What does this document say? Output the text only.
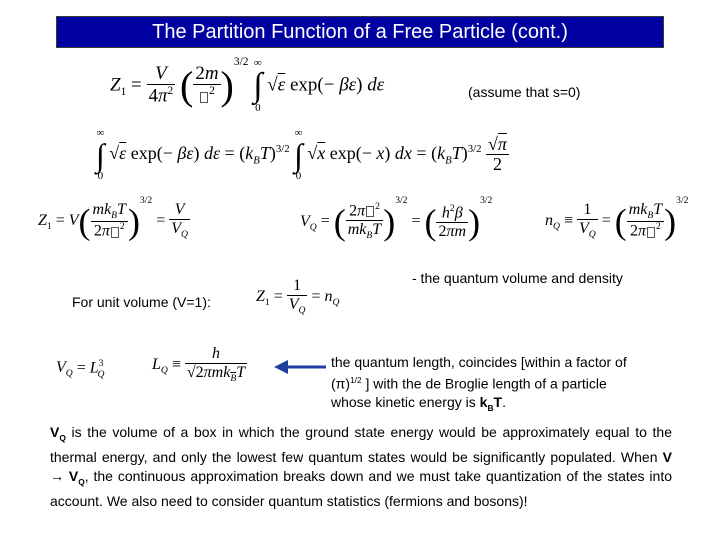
The Partition Function of a Free Particle (cont.)
$Z_1 = \frac{V}{4\pi^2}$ ( $\frac{2m}{^2} )^{3/2}$ ∞
∫
0 √ε exp(− βε) dε	(assume that s=0)
∞
∫
0 √ε exp(− βε) $d\varepsilon = (k_BT)^{3/2}$ ∞
∫
0 √x exp(− x) dx = $(k_BT)^{3/2} \frac{√\pi}{2}$
$Z_1 = V( \frac{mk_BT}{2\pi ^2} )^{3/2} = \frac{V}{V_Q}$	$V_Q$ = ( $\frac{2\pi ^2}{mk_BT} )^{3/2}$ = ( $\frac{h^2\beta}{2\pi m} )^{3/2}$
$n_Q \equiv \frac{1}{V_Q}$ = ( $\frac{mk_BT}{2\pi ^2} )^{3/2}$
- the quantum volume and density
For unit volume (V=1):	$Z_1 = \frac{1}{V_Q} = n_Q$
$V_Q = L^3_Q$
$L_Q \equiv \frac{h}{√2\pi mk_BT}$	the quantum length, coincides [within a factor of
$(\pi)^{1/2}$ ] with the de Broglie length of a particle
whose kinetic energy is $k_BT$.
$V_Q$ is the volume of a box in which the ground state energy would be approximately equal to the thermal energy, and only the lowest few quantum states would be significantly populated. When $V \to V_Q$, the continuous approximation breaks down and we must take quantization of the states into account. We also need to consider quantum statistics (fermions and bosons)!
